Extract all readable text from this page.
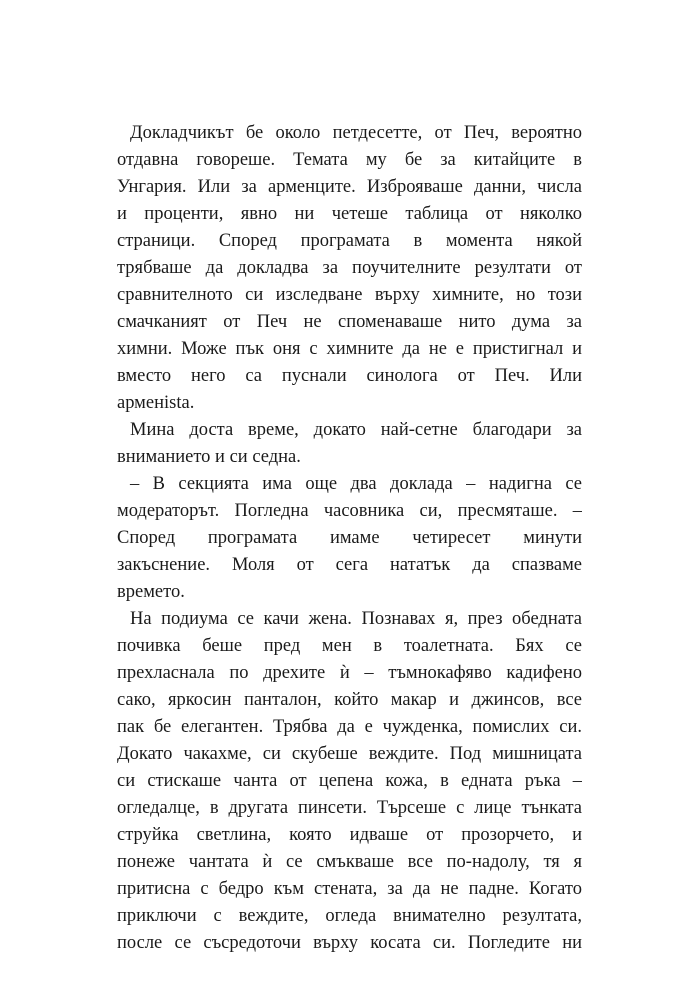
Докладчикът бе около петдесетте, от Печ, вероятно
отдавна говореше. Темата му бе за китайците в
Унгария. Или за арменците. Изброяваше данни, числа
и проценти, явно ни четеше таблица от няколко
страници. Според програмата в момента някой
трябваше да докладва за поучителните резултати от
сравнителното си изследване върху химните, но този
смачканият от Печ не споменаваше нито дума за
химни. Може пък оня с химните да не е пристигнал и
вместо него са пуснали синолога от Печ. Или
арменista.
Мина доста време, докато най-сетне благодари за
вниманието и си седна.
– В секцията има още два доклада – надигна се
модераторът. Погледна часовника си, пресмяташе. –
Според програмата имаме четиресет минути
закъснение. Моля от сега нататък да спазваме
времето.
На подиума се качи жена. Познавах я, през обедната
почивка беше пред мен в тоалетната. Бях се
прехласнала по дрехите ѝ – тъмнокафяво кадифено
сако, яркосин панталон, който макар и джинсов, все
пак бе елегантен. Трябва да е чужденка, помислих си.
Докато чакахме, си скубеше веждите. Под мишницата
си стискаше чанта от цепена кожа, в едната ръка –
огледалце, в другата пинсети. Търсеше с лице тънката
струйка светлина, която идваше от прозорчето, и
понеже чантата ѝ се смъкваше все по-надолу, тя я
притисна с бедро към стената, за да не падне. Когато
приключи с веждите, огледа внимателно резултата,
после се съсредоточи върху косата си. Погледите ни
